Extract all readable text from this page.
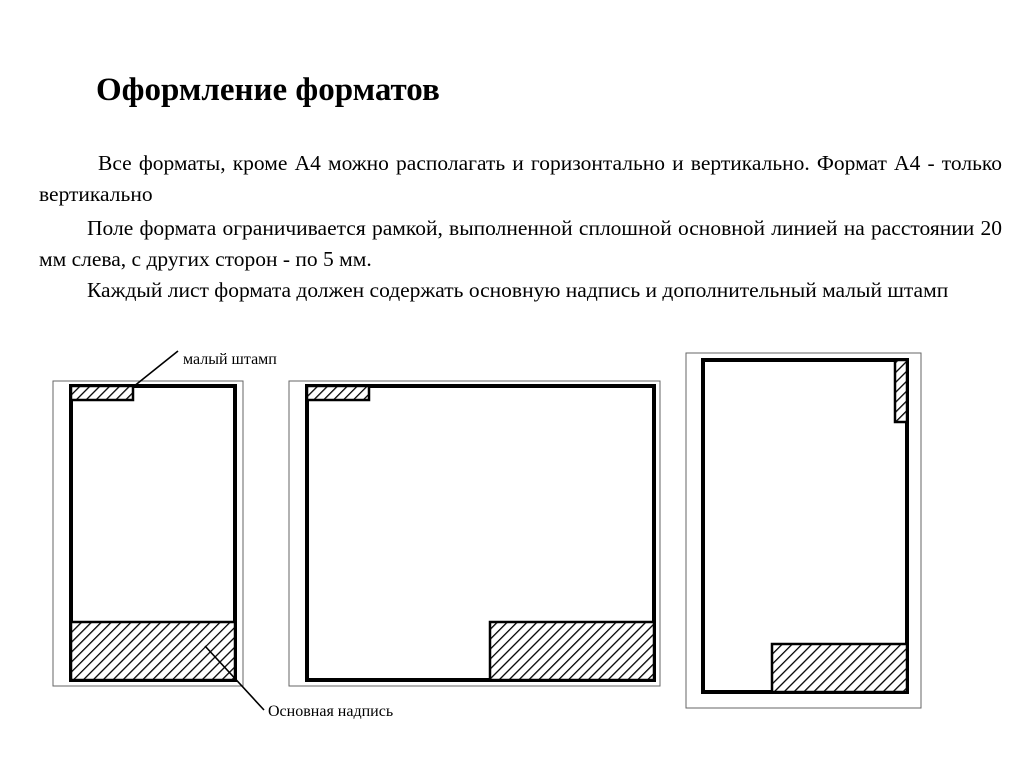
Оформление форматов

Все форматы, кроме А4 можно располагать и горизонтально и вертикально. Формат А4 - только вертикально

Поле формата ограничивается рамкой, выполненной сплошной основной линией на расстоянии 20 мм слева, с других сторон - по 5 мм.

Каждый лист формата должен содержать основную надпись и дополнительный малый штамп

малый штамп
Основная надпись
